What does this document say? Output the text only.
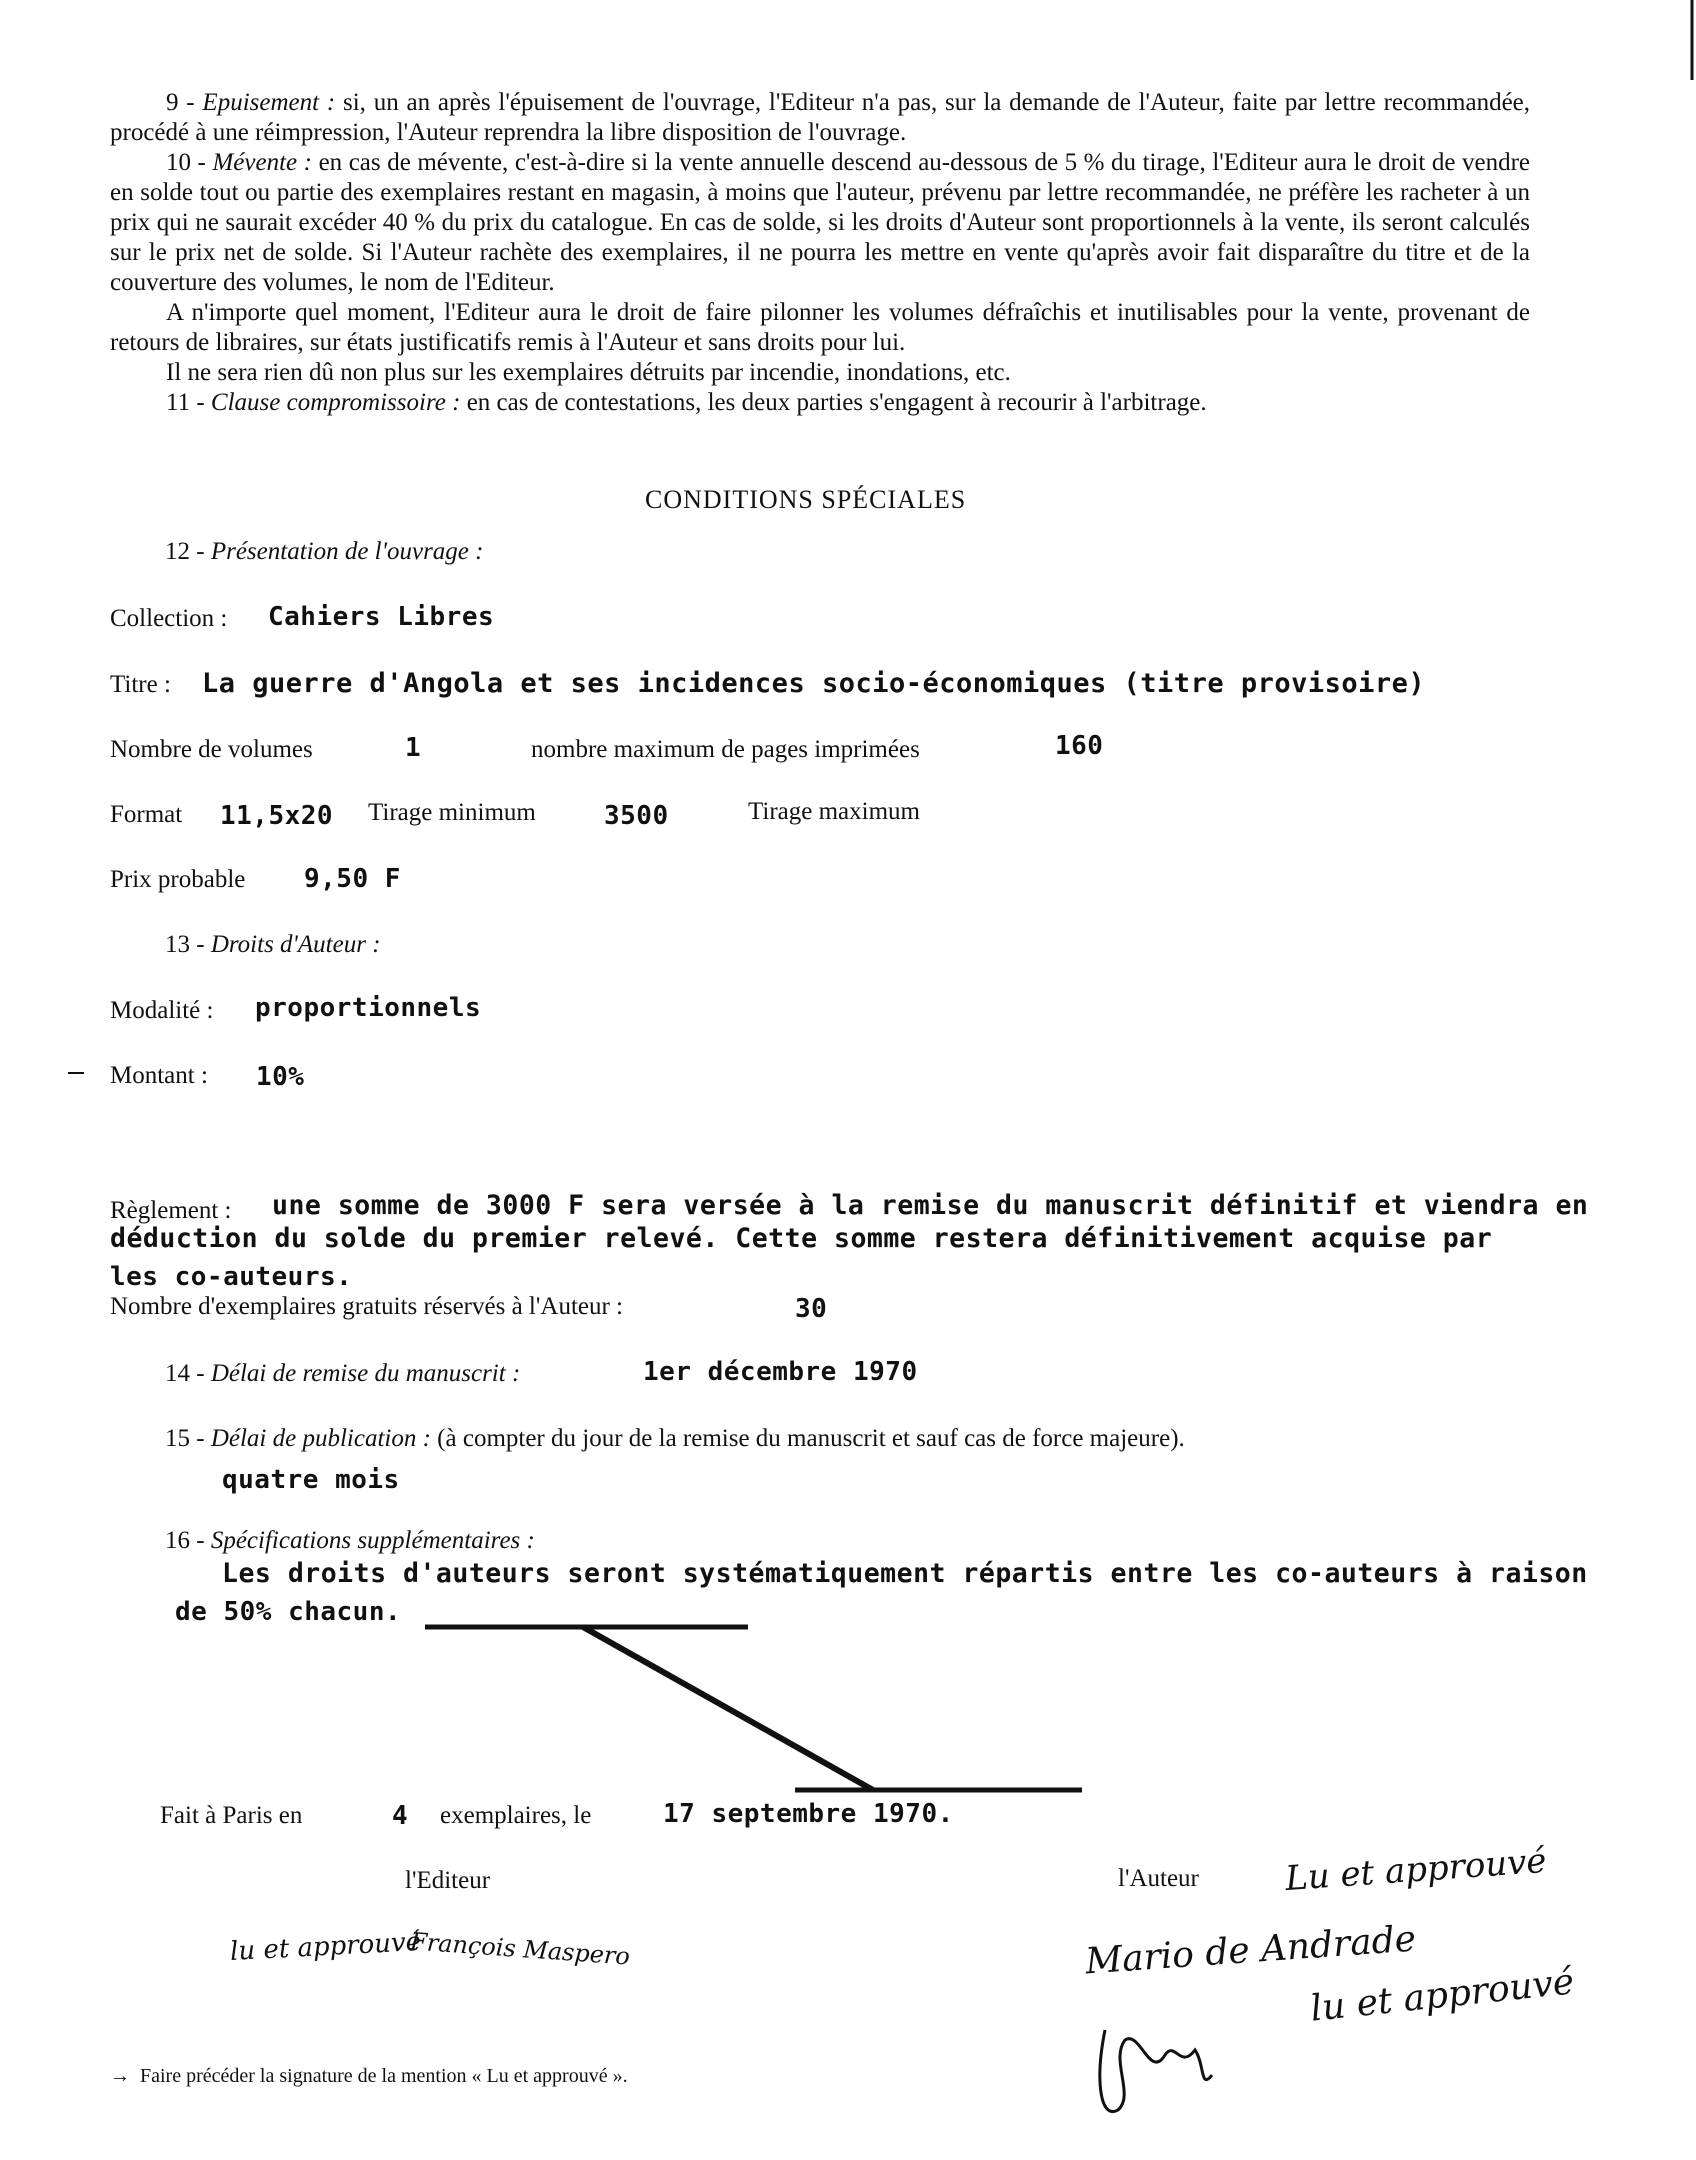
9 - Epuisement : si, un an après l'épuisement de l'ouvrage, l'Editeur n'a pas, sur la demande de l'Auteur, faite par lettre recommandée, procédé à une réimpression, l'Auteur reprendra la libre disposition de l'ouvrage.

10 - Mévente : en cas de mévente, c'est-à-dire si la vente annuelle descend au-dessous de 5 % du tirage, l'Editeur aura le droit de vendre en solde tout ou partie des exemplaires restant en magasin, à moins que l'auteur, prévenu par lettre recommandée, ne préfère les racheter à un prix qui ne saurait excéder 40 % du prix du catalogue. En cas de solde, si les droits d'Auteur sont proportionnels à la vente, ils seront calculés sur le prix net de solde. Si l'Auteur rachète des exemplaires, il ne pourra les mettre en vente qu'après avoir fait disparaître du titre et de la couverture des volumes, le nom de l'Editeur.

A n'importe quel moment, l'Editeur aura le droit de faire pilonner les volumes défraîchis et inutilisables pour la vente, provenant de retours de libraires, sur états justificatifs remis à l'Auteur et sans droits pour lui.

Il ne sera rien dû non plus sur les exemplaires détruits par incendie, inondations, etc.

11 - Clause compromissoire : en cas de contestations, les deux parties s'engagent à recourir à l'arbitrage.

CONDITIONS SPÉCIALES
12 - Présentation de l'ouvrage :
Collection : Cahiers Libres
Titre : La guerre d'Angola et ses incidences socio-économiques (titre provisoire)
Nombre de volumes	1	nombre maximum de pages imprimées	160
Format 11,5x20 Tirage minimum	3500	Tirage maximum
Prix probable 9,50 F
13 - Droits d'Auteur :
Modalité : proportionnels
Montant : 10%
Règlement : une somme de 3000 F sera versée à la remise du manuscrit définitif et viendra en
déduction du solde du premier relevé. Cette somme restera définitivement acquise par
les co-auteurs.
Nombre d'exemplaires gratuits réservés à l'Auteur :	30
14 - Délai de remise du manuscrit :	1er décembre 1970
15 - Délai de publication : (à compter du jour de la remise du manuscrit et sauf cas de force majeure).
quatre mois
16 - Spécifications supplémentaires :
Les droits d'auteurs seront systématiquement répartis entre les co-auteurs à raison
de 50% chacun.
Fait à Paris en	4 exemplaires, le	17 septembre 1970.
l'Editeur	l'Auteur
lu et approuvé
François Maspero
Lu et approuvé
Mario de Andrade
lu et approuvé
→ Faire précéder la signature de la mention « Lu et approuvé ».
